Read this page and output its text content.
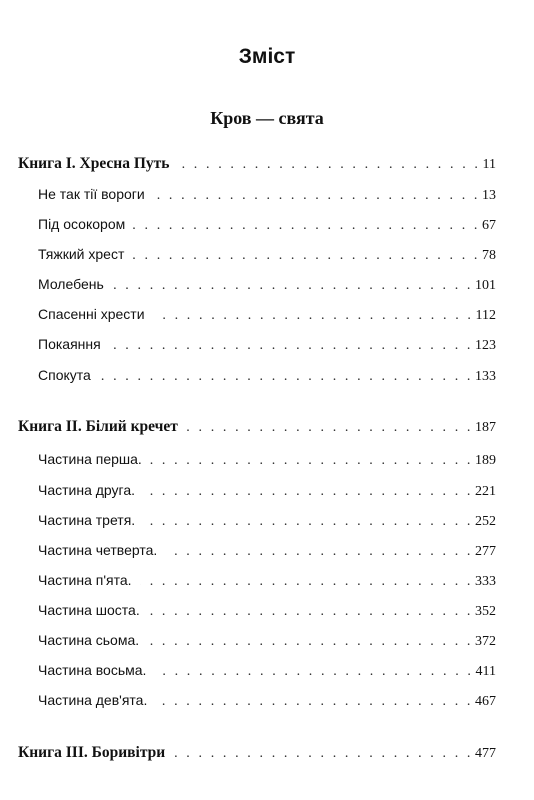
Зміст
Кров — свята
Книга I. Хресна Путь . . .	11
Не так тії вороги . . .	13
Під осокором . . .	67
Тяжкий хрест . . .	78
Молебень . . .	101
Спасенні хрести . . .	112
Покаяння . . .	123
Спокута . . .	133
Книга II. Білий кречет . . .	187
Частина перша. . . .	189
Частина друга. . . .	221
Частина третя. . . .	252
Частина четверта. . . .	277
Частина п'ята. . . .	333
Частина шоста. . . .	352
Частина сьома. . . .	372
Частина восьма. . . .	411
Частина дев'ята. . . .	467
Книга III. Боривітри . . .	477
